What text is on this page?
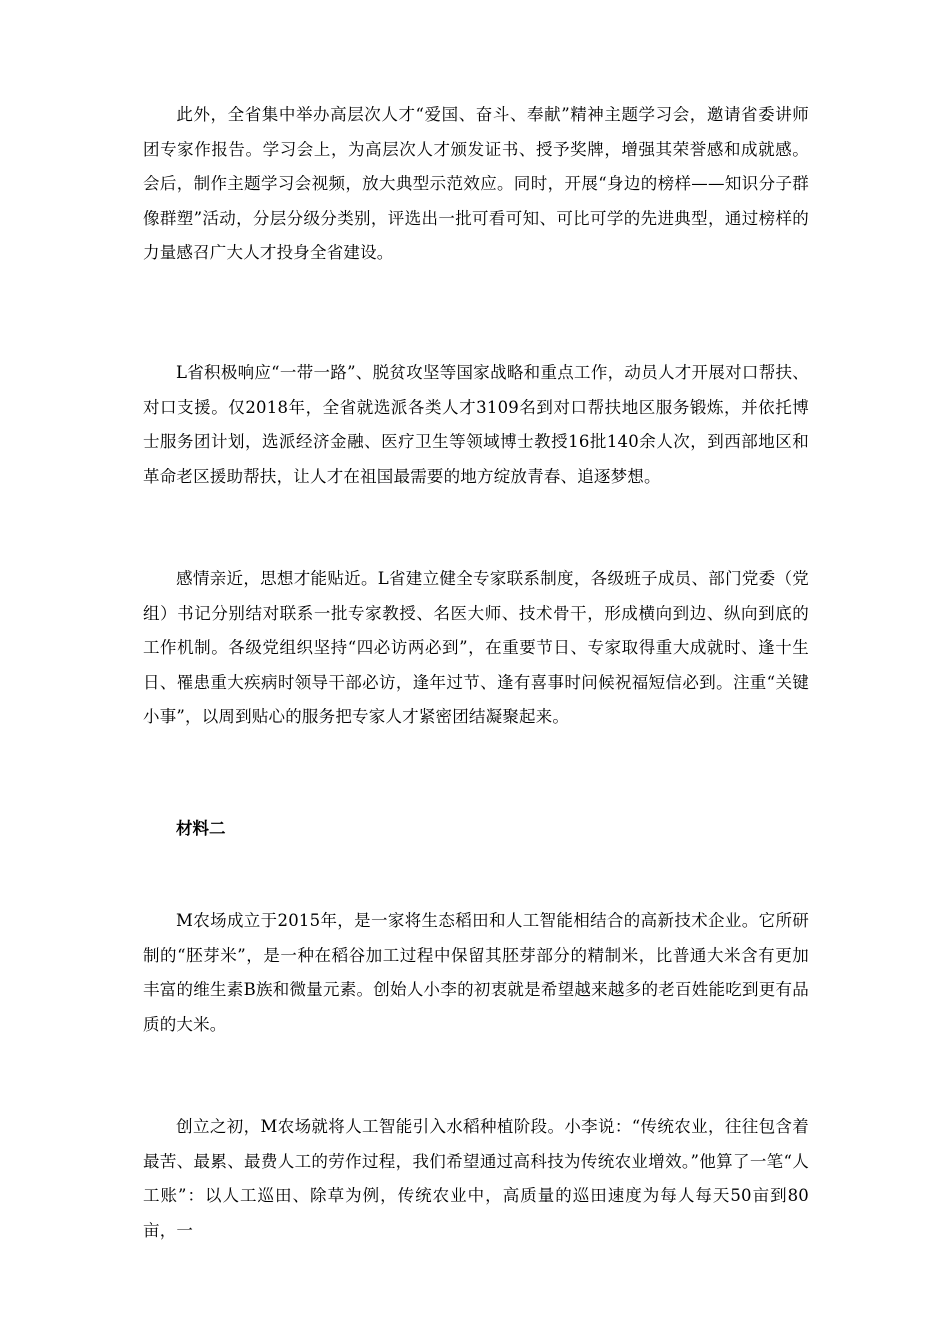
此外，全省集中举办高层次人才“爱国、奋斗、奉献”精神主题学习会，邀请省委讲师团专家作报告。学习会上，为高层次人才颁发证书、授予奖牌，增强其荣誉感和成就感。会后，制作主题学习会视频，放大典型示范效应。同时，开展“身边的榜样——知识分子群像群塑”活动，分层分级分类别，评选出一批可看可知、可比可学的先进典型，通过榜样的力量感召广大人才投身全省建设。

L省积极响应“一带一路”、脱贫攻坚等国家战略和重点工作，动员人才开展对口帮扶、对口支援。仅2018年，全省就选派各类人才3109名到对口帮扶地区服务锻炼，并依托博士服务团计划，选派经济金融、医疗卫生等领域博士教授16批140余人次，到西部地区和革命老区援助帮扶，让人才在祖国最需要的地方绽放青春、追逐梦想。

感情亲近，思想才能贴近。L省建立健全专家联系制度，各级班子成员、部门党委（党组）书记分别结对联系一批专家教授、名医大师、技术骨干，形成横向到边、纵向到底的工作机制。各级党组织坚持“四必访两必到”，在重要节日、专家取得重大成就时、逢十生日、罹患重大疾病时领导干部必访，逢年过节、逢有喜事时问候祝福短信必到。注重“关键小事”，以周到贴心的服务把专家人才紧密团结凝聚起来。

材料二

M农场成立于2015年，是一家将生态稻田和人工智能相结合的高新技术企业。它所研制的“胚芽米”，是一种在稻谷加工过程中保留其胚芽部分的精制米，比普通大米含有更加丰富的维生素B族和微量元素。创始人小李的初衷就是希望越来越多的老百姓能吃到更有品质的大米。

创立之初，M农场就将人工智能引入水稻种植阶段。小李说：“传统农业，往往包含着最苦、最累、最费人工的劳作过程，我们希望通过高科技为传统农业增效。”他算了一笔“人工账”：以人工巡田、除草为例，传统农业中，高质量的巡田速度为每人每天50亩到80亩，一
